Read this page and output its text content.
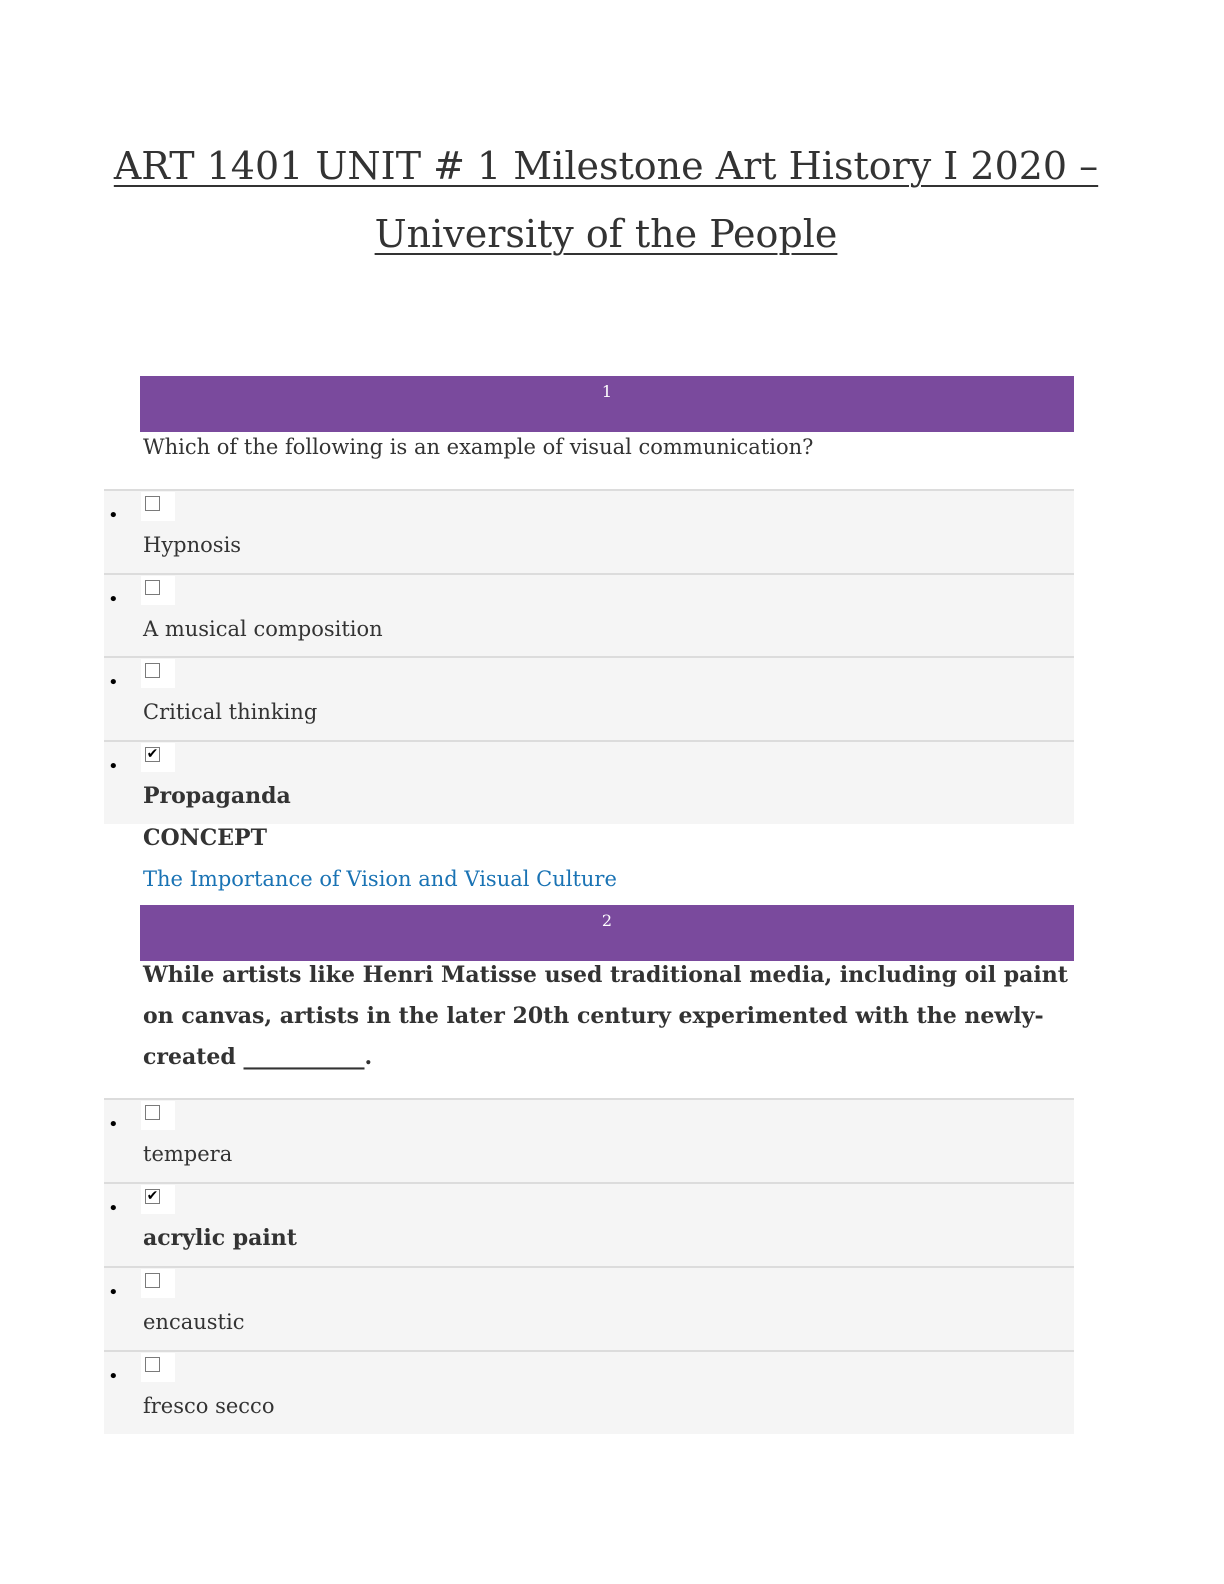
ART 1401 UNIT # 1 Milestone Art History I 2020 – University of the People
1
Which of the following is an example of visual communication?
•
Hypnosis
•
A musical composition
•
Critical thinking
•
✔
Propaganda
CONCEPT
The Importance of Vision and Visual Culture
2
While artists like Henri Matisse used traditional media, including oil paint on canvas, artists in the later 20th century experimented with the newly-created ___________.
•
tempera
•
✔
acrylic paint
•
encaustic
•
fresco secco
